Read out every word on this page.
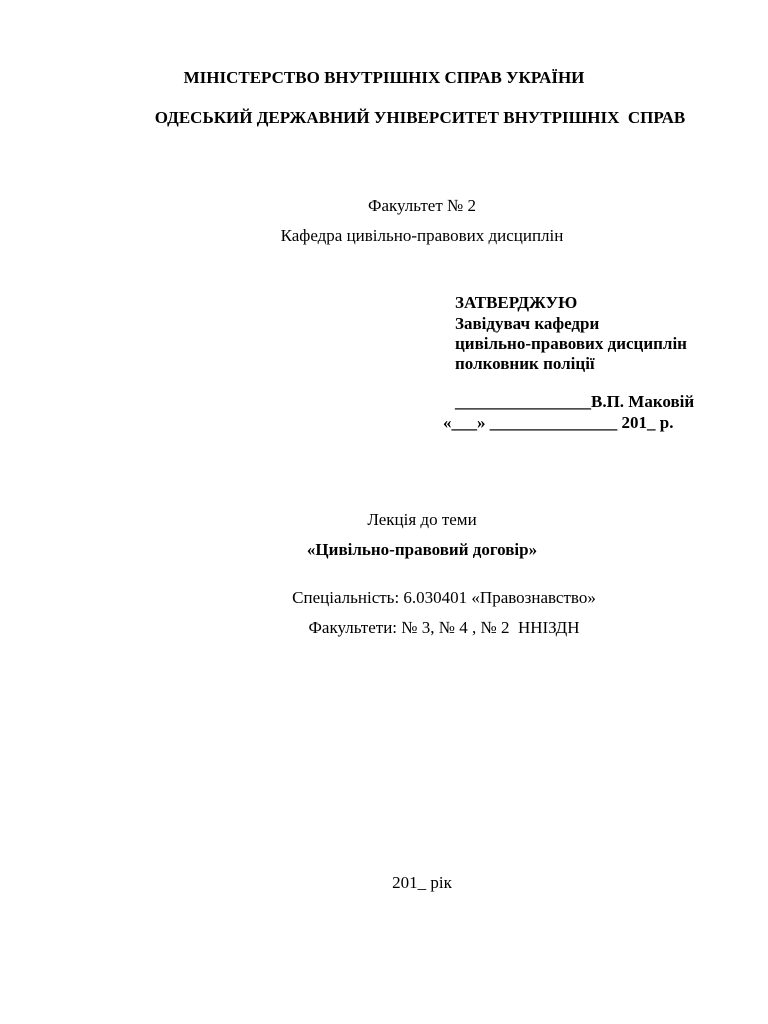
МІНІСТЕРСТВО ВНУТРІШНІХ СПРАВ УКРАЇНИ
ОДЕСЬКИЙ ДЕРЖАВНИЙ УНІВЕРСИТЕТ ВНУТРІШНІХ  СПРАВ
Факультет № 2
Кафедра цивільно-правових дисциплін
ЗАТВЕРДЖУЮ
Завідувач кафедри
цивільно-правових дисциплін
полковник поліції
________________В.П. Маковій
«___» _______________ 201_ р.
Лекція до теми
«Цивільно-правовий договір»
Спеціальність: 6.030401 «Правознавство»
Факультети: № 3, № 4 , № 2  ННІЗДН
201_ рік
